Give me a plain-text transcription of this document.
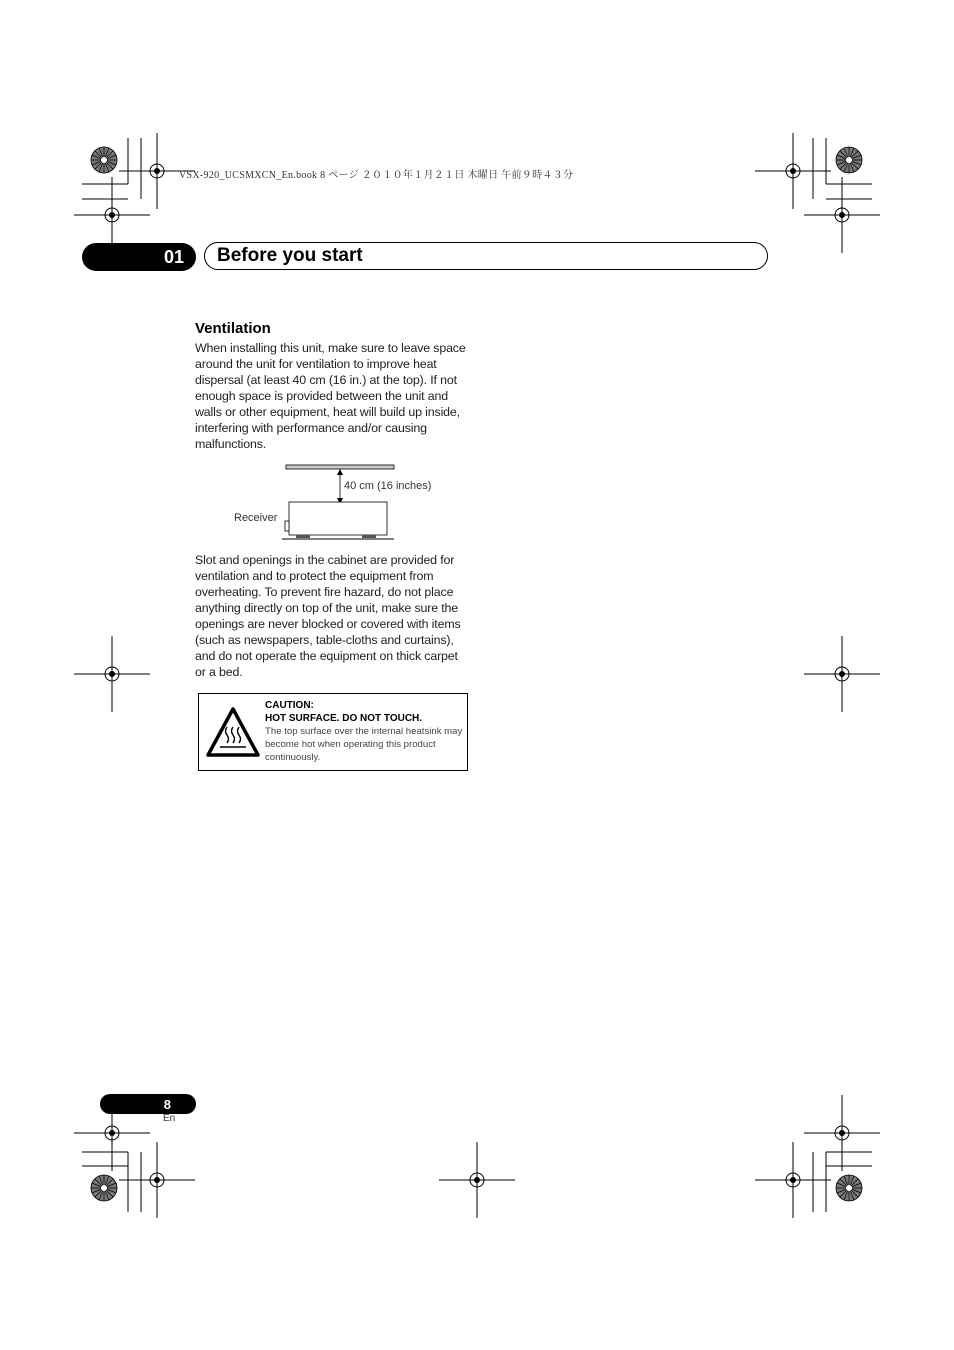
VSX-920_UCSMXCN_En.book 8 ページ ２０１０年１月２１日 木曜日 午前９時４３分
01 Before you start
Ventilation

When installing this unit, make sure to leave space around the unit for ventilation to improve heat dispersal (at least 40 cm (16 in.) at the top). If not enough space is provided between the unit and walls or other equipment, heat will build up inside, interfering with performance and/or causing malfunctions.

40 cm (16 inches)
Receiver

Slot and openings in the cabinet are provided for ventilation and to protect the equipment from overheating. To prevent fire hazard, do not place anything directly on top of the unit, make sure the openings are never blocked or covered with items (such as newspapers, table-cloths and curtains), and do not operate the equipment on thick carpet or a bed.

CAUTION:
HOT SURFACE. DO NOT TOUCH.
The top surface over the internal heatsink may become hot when operating this product continuously.
8
En
